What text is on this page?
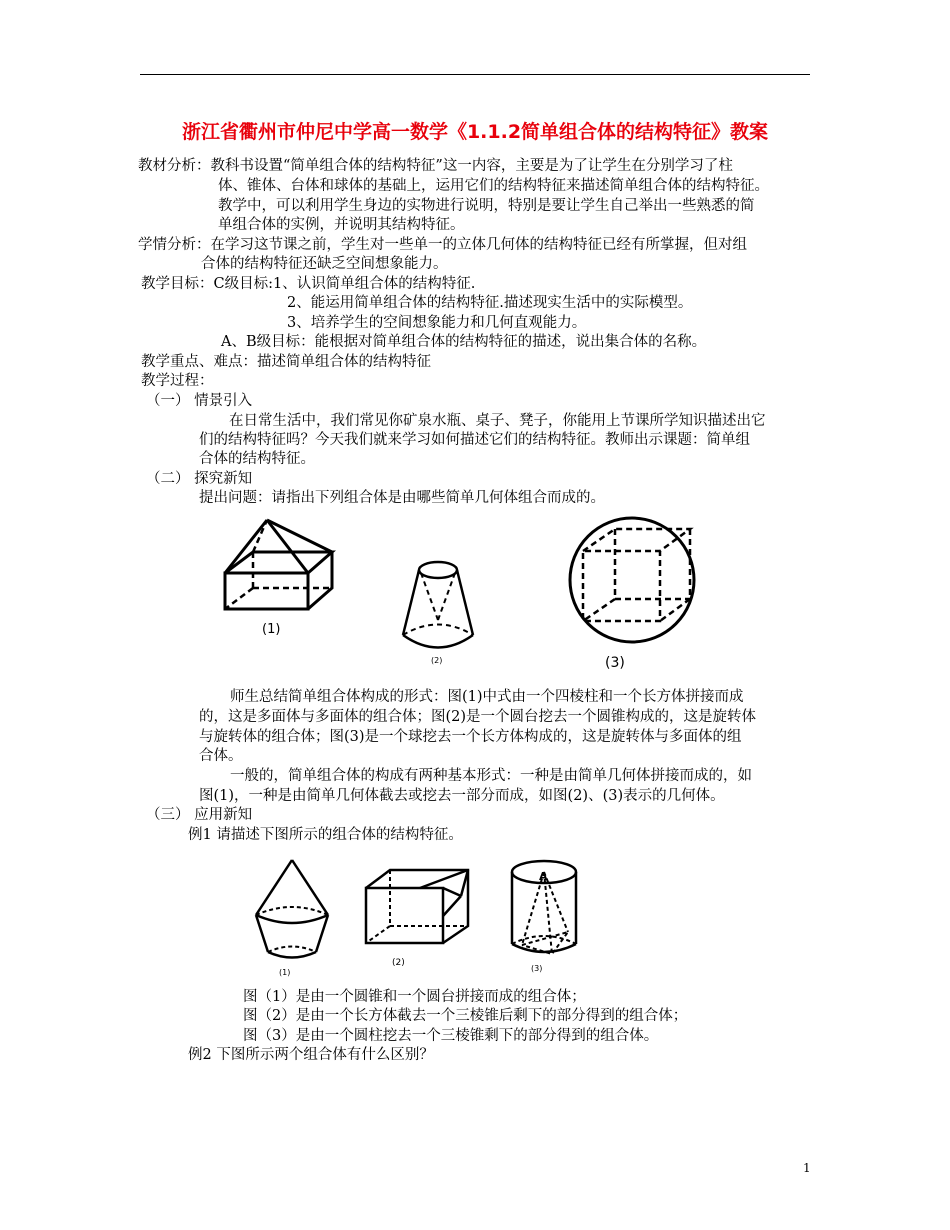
浙江省衢州市仲尼中学高一数学《1.1.2简单组合体的结构特征》教案
教材分析：教科书设置“简单组合体的结构特征”这一内容，主要是为了让学生在分别学习了柱
体、锥体、台体和球体的基础上，运用它们的结构特征来描述简单组合体的结构特征。
教学中，可以利用学生身边的实物进行说明，特别是要让学生自己举出一些熟悉的简
单组合体的实例，并说明其结构特征。
学情分析：在学习这节课之前，学生对一些单一的立体几何体的结构特征已经有所掌握，但对组
合体的结构特征还缺乏空间想象能力。
教学目标：C级目标:1、认识简单组合体的结构特征.
2、能运用简单组合体的结构特征.描述现实生活中的实际模型。
3、培养学生的空间想象能力和几何直观能力。
A、B级目标：能根据对简单组合体的结构特征的描述，说出集合体的名称。
教学重点、难点：描述简单组合体的结构特征
教学过程：
（一） 情景引入
在日常生活中，我们常见你矿泉水瓶、桌子、凳子，你能用上节课所学知识描述出它
们的结构特征吗？今天我们就来学习如何描述它们的结构特征。教师出示课题：简单组
合体的结构特征。
（二） 探究新知
提出问题：请指出下列组合体是由哪些简单几何体组合而成的。
(1)
(2)	(3)
师生总结简单组合体构成的形式：图(1)中式由一个四棱柱和一个长方体拼接而成
的，这是多面体与多面体的组合体；图(2)是一个圆台挖去一个圆锥构成的，这是旋转体
与旋转体的组合体；图(3)是一个球挖去一个长方体构成的，这是旋转体与多面体的组
合体。
一般的，简单组合体的构成有两种基本形式：一种是由简单几何体拼接而成的，如
图(1)，一种是由简单几何体截去或挖去一部分而成，如图(2)、(3)表示的几何体。
（三） 应用新知
例1 请描述下图所示的组合体的结构特征。
(1)
(2)
A
(3)
图（1）是由一个圆锥和一个圆台拼接而成的组合体；
图（2）是由一个长方体截去一个三棱锥后剩下的部分得到的组合体；
图（3）是由一个圆柱挖去一个三棱锥剩下的部分得到的组合体。
例2 下图所示两个组合体有什么区别？
1
